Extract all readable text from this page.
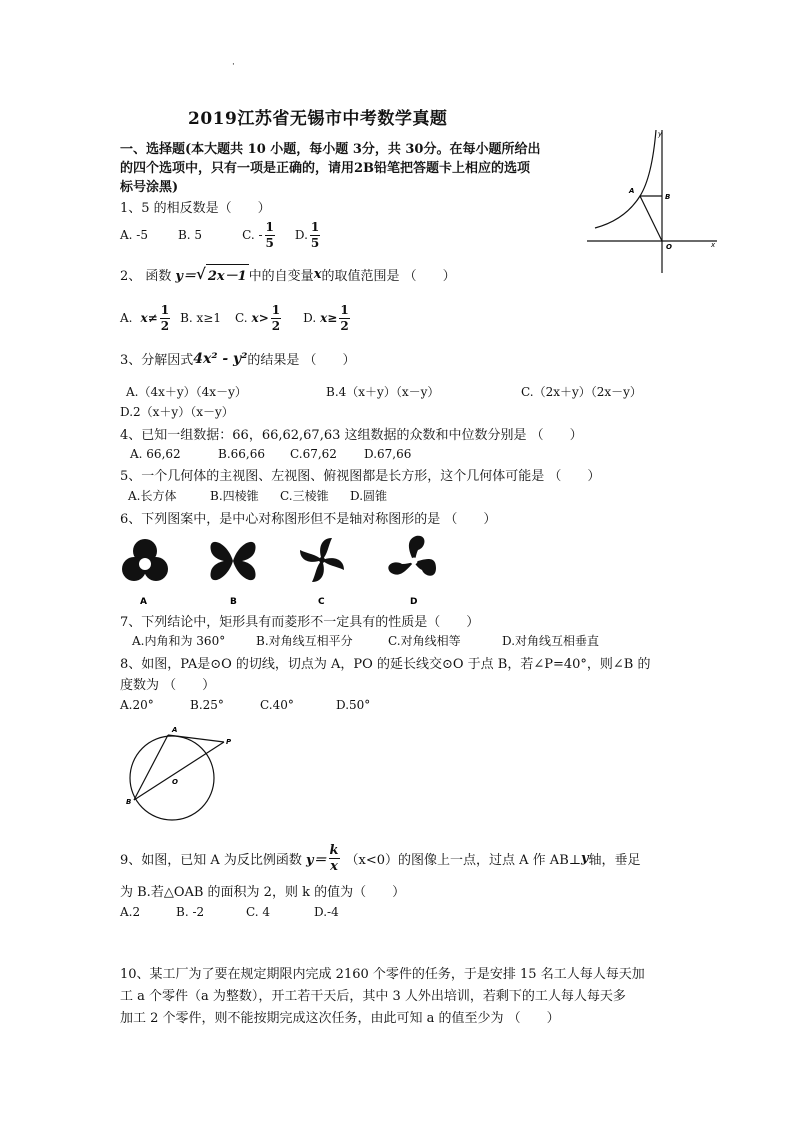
·
2019江苏省无锡市中考数学真题
一、选择题(本大题共 10 小题，每小题 3分，共 30分。在每小题所给出
的四个选项中，只有一项是正确的，请用2B铅笔把答题卡上相应的选项
标号涂黑)
y
x
A
B
O
1、5 的相反数是（　　）
A. -5	B. 5	C. - $\frac{1}{5} D$. $\frac{1}{5}$
2、 函数 y＝ √ 2x－1 中的自变量 x 的取值范围是 （　　）
A. $x\ne \frac{1}{2} B$. x≥1 C. $x> \frac{1}{2} D$. $x\ge \frac{1}{2}$
3、分解因式 4x² - y² 的结果是 （　　）
A.（4x＋y）（4x－y）	B.4（x＋y）（x－y）	C.（2x＋y）（2x－y）
D.2（x＋y）（x－y）
4、已知一组数据：66，66,62,67,63 这组数据的众数和中位数分别是 （　　）
A. 66,62	B.66,66 C.67,62 D.67,66
5、一个几何体的主视图、左视图、俯视图都是长方形，这个几何体可能是 （　　）
A.长方体	B.四棱锥 C.三棱锥 D.圆锥
6、下列图案中，是中心对称图形但不是轴对称图形的是 （　　）
A	B	C	D
7、下列结论中，矩形具有而菱形不一定具有的性质是（　　）
A.内角和为 360°	B.对角线互相平分	C.对角线相等	D.对角线互相垂直
8、如图，PA是⊙O 的切线，切点为 A，PO 的延长线交⊙O 于点 B，若∠P=40°，则∠B 的
度数为 （　　）
A.20°	B.25°	C.40°	D.50°
A
P
O
B
9、如图，已知 A 为反比例函数 $y= \frac{k}{x} (x<0)$ 的图像上一点，过点 A 作 AB⊥ y 轴，垂足
为 B.若△OAB 的面积为 2，则 k 的值为（　　）
A.2	B. -2	C. 4	D.-4
10、某工厂为了要在规定期限内完成 2160 个零件的任务，于是安排 15 名工人每人每天加
工 a 个零件（a 为整数），开工若干天后，其中 3 人外出培训，若剩下的工人每人每天多
加工 2 个零件，则不能按期完成这次任务，由此可知 a 的值至少为 （　　）
